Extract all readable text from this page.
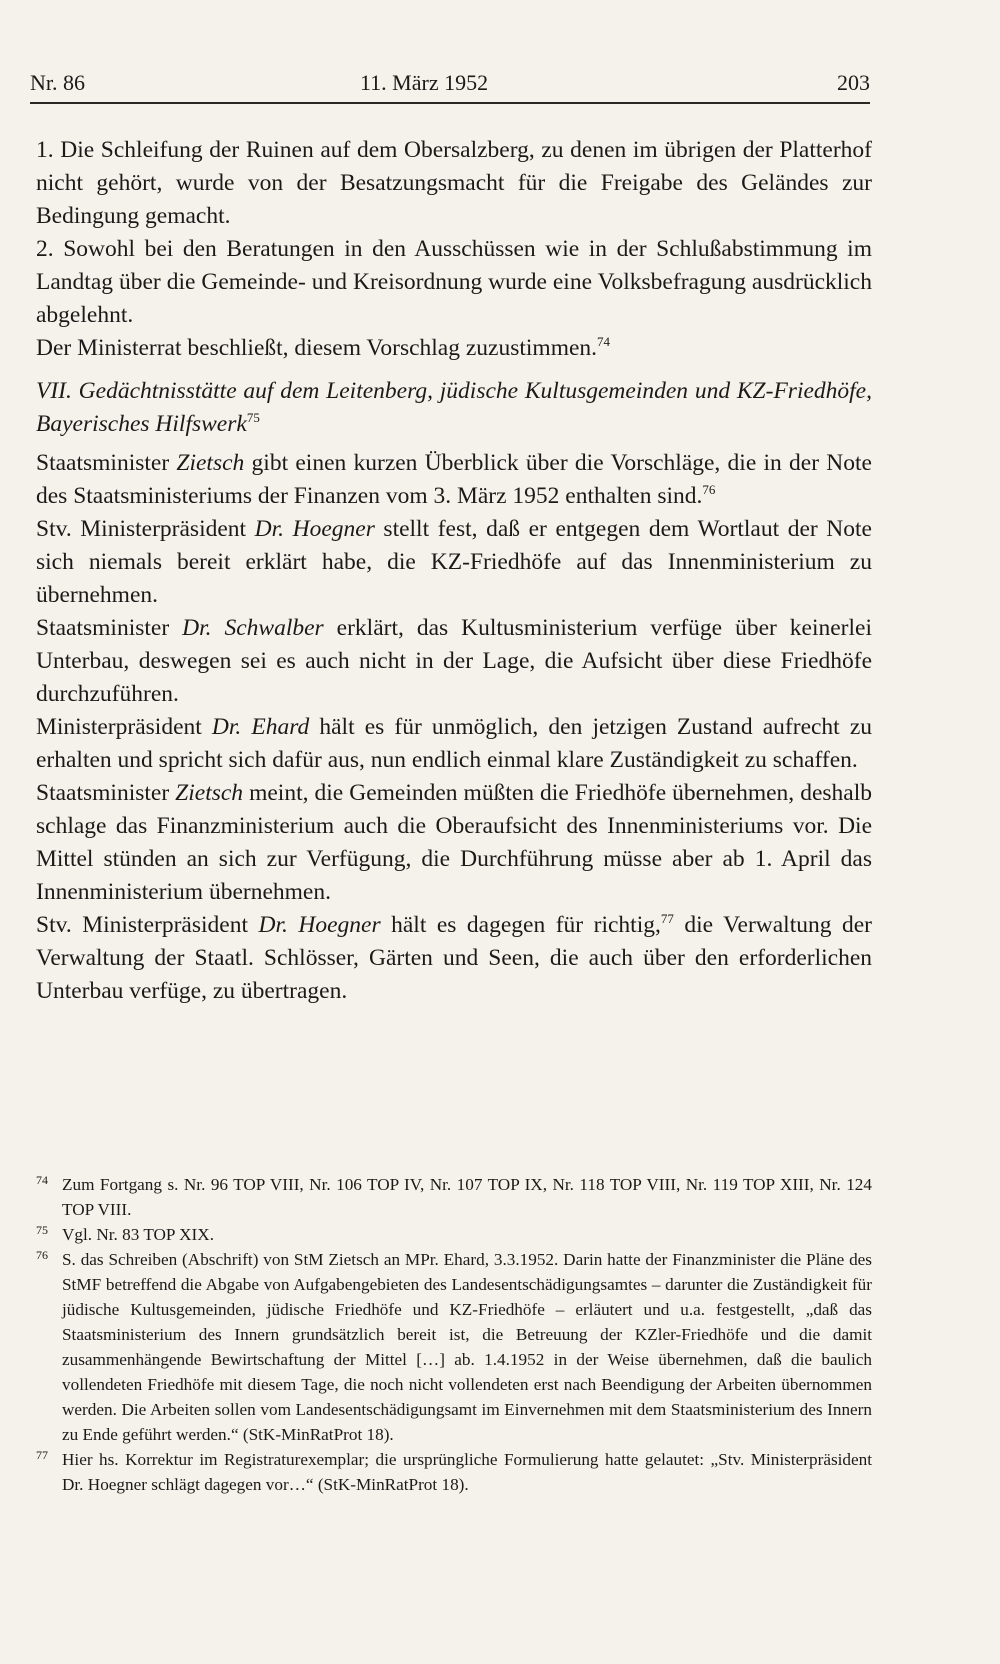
Nr. 86	11. März 1952	203

1. Die Schleifung der Ruinen auf dem Obersalzberg, zu denen im übrigen der Platterhof nicht gehört, wurde von der Besatzungsmacht für die Freigabe des Geländes zur Bedingung gemacht.

2. Sowohl bei den Beratungen in den Ausschüssen wie in der Schlußabstimmung im Landtag über die Gemeinde- und Kreisordnung wurde eine Volksbefragung ausdrücklich abgelehnt.

Der Ministerrat beschließt, diesem Vorschlag zuzustimmen.$^{74}$

VII. Gedächtnisstätte auf dem Leitenberg, jüdische Kultusgemeinden und KZ-Friedhöfe, Bayerisches Hilfswerk$^{75}$

Staatsminister Zietsch gibt einen kurzen Überblick über die Vorschläge, die in der Note des Staatsministeriums der Finanzen vom 3. März 1952 enthalten sind.$^{76}$

Stv. Ministerpräsident Dr. Hoegner stellt fest, daß er entgegen dem Wortlaut der Note sich niemals bereit erklärt habe, die KZ-Friedhöfe auf das Innenministerium zu übernehmen.

Staatsminister Dr. Schwalber erklärt, das Kultusministerium verfüge über keinerlei Unterbau, deswegen sei es auch nicht in der Lage, die Aufsicht über diese Friedhöfe durchzuführen.

Ministerpräsident Dr. Ehard hält es für unmöglich, den jetzigen Zustand aufrecht zu erhalten und spricht sich dafür aus, nun endlich einmal klare Zuständigkeit zu schaffen.

Staatsminister Zietsch meint, die Gemeinden müßten die Friedhöfe übernehmen, deshalb schlage das Finanzministerium auch die Oberaufsicht des Innenministeriums vor. Die Mittel stünden an sich zur Verfügung, die Durchführung müsse aber ab 1. April das Innenministerium übernehmen.

Stv. Ministerpräsident Dr. Hoegner hält es dagegen für richtig,$^{77}$ die Verwaltung der Verwaltung der Staatl. Schlösser, Gärten und Seen, die auch über den erforderlichen Unterbau verfüge, zu übertragen.

74 Zum Fortgang s. Nr. 96 TOP VIII, Nr. 106 TOP IV, Nr. 107 TOP IX, Nr. 118 TOP VIII, Nr. 119 TOP XIII, Nr. 124 TOP VIII.

75 Vgl. Nr. 83 TOP XIX.

76 S. das Schreiben (Abschrift) von StM Zietsch an MPr. Ehard, 3.3.1952. Darin hatte der Finanzminister die Pläne des StMF betreffend die Abgabe von Aufgabengebieten des Landesentschädigungsamtes – darunter die Zuständigkeit für jüdische Kultusgemeinden, jüdische Friedhöfe und KZ-Friedhöfe – erläutert und u.a. festgestellt, „daß das Staatsministerium des Innern grundsätzlich bereit ist, die Betreuung der KZler-Friedhöfe und die damit zusammenhängende Bewirtschaftung der Mittel […] ab. 1.4.1952 in der Weise übernehmen, daß die baulich vollendeten Friedhöfe mit diesem Tage, die noch nicht vollendeten erst nach Beendigung der Arbeiten übernommen werden. Die Arbeiten sollen vom Landesentschädigungsamt im Einvernehmen mit dem Staatsministerium des Innern zu Ende geführt werden.“ (StK-MinRatProt 18).

77 Hier hs. Korrektur im Registraturexemplar; die ursprüngliche Formulierung hatte gelautet: „Stv. Ministerpräsident Dr. Hoegner schlägt dagegen vor…“ (StK-MinRatProt 18).
